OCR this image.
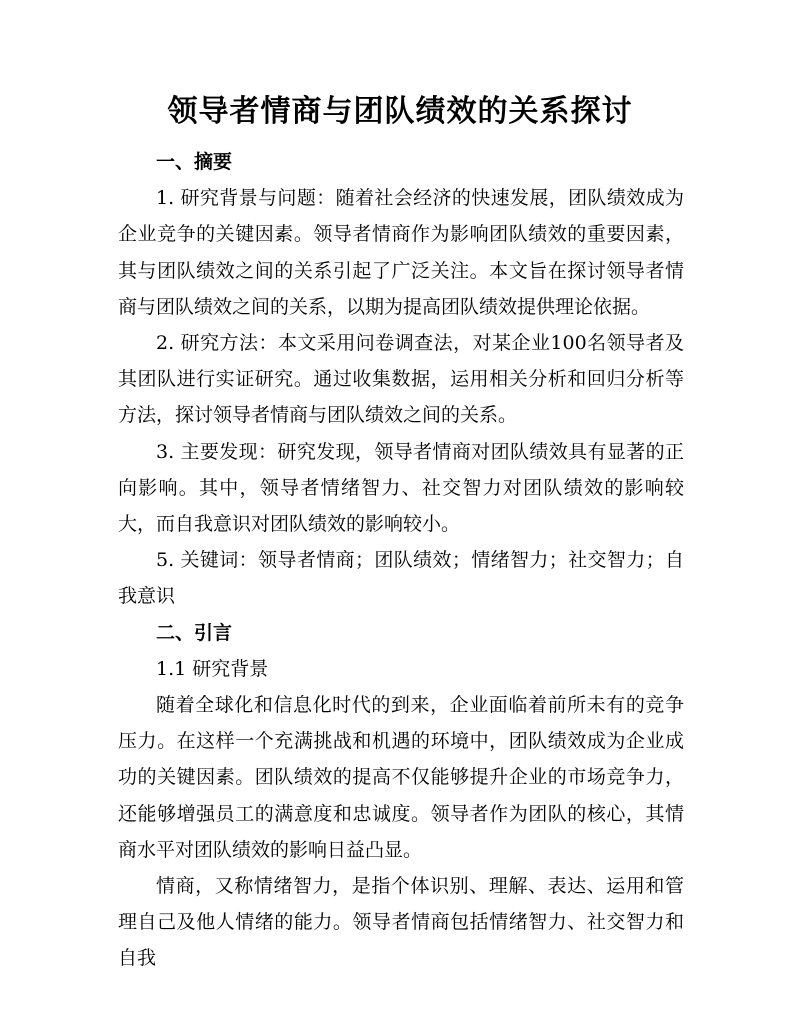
领导者情商与团队绩效的关系探讨
一、摘要

1. 研究背景与问题：随着社会经济的快速发展，团队绩效成为企业竞争的关键因素。领导者情商作为影响团队绩效的重要因素，其与团队绩效之间的关系引起了广泛关注。本文旨在探讨领导者情商与团队绩效之间的关系，以期为提高团队绩效提供理论依据。

2. 研究方法：本文采用问卷调查法，对某企业100名领导者及其团队进行实证研究。通过收集数据，运用相关分析和回归分析等方法，探讨领导者情商与团队绩效之间的关系。

3. 主要发现：研究发现，领导者情商对团队绩效具有显著的正向影响。其中，领导者情绪智力、社交智力对团队绩效的影响较大，而自我意识对团队绩效的影响较小。

5. 关键词：领导者情商；团队绩效；情绪智力；社交智力；自我意识

二、引言

1.1 研究背景

随着全球化和信息化时代的到来，企业面临着前所未有的竞争压力。在这样一个充满挑战和机遇的环境中，团队绩效成为企业成功的关键因素。团队绩效的提高不仅能够提升企业的市场竞争力，还能够增强员工的满意度和忠诚度。领导者作为团队的核心，其情商水平对团队绩效的影响日益凸显。

情商，又称情绪智力，是指个体识别、理解、表达、运用和管理自己及他人情绪的能力。领导者情商包括情绪智力、社交智力和自我
